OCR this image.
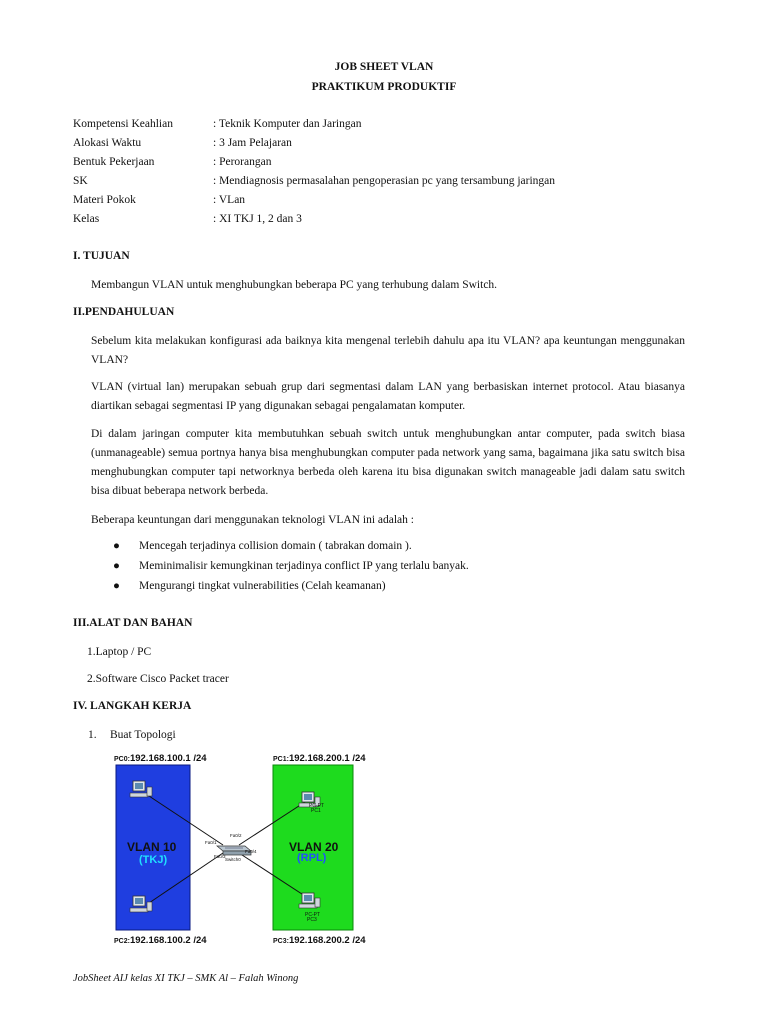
JOB SHEET VLAN
PRAKTIKUM PRODUKTIF
Kompetensi Keahlian	: Teknik Komputer dan Jaringan
Alokasi Waktu	: 3 Jam Pelajaran
Bentuk Pekerjaan	: Perorangan
SK	: Mendiagnosis permasalahan pengoperasian pc yang tersambung jaringan
Materi Pokok	: VLan
Kelas	: XI TKJ 1, 2 dan 3
I. TUJUAN

Membangun VLAN untuk menghubungkan beberapa PC yang terhubung dalam Switch.

II.PENDAHULUAN

Sebelum kita melakukan konfigurasi ada baiknya kita mengenal terlebih dahulu apa itu VLAN? apa keuntungan menggunakan VLAN?

VLAN (virtual lan) merupakan sebuah grup dari segmentasi dalam LAN yang berbasiskan internet protocol. Atau biasanya diartikan sebagai segmentasi IP yang digunakan sebagai pengalamatan komputer.

Di dalam jaringan computer kita membutuhkan sebuah switch untuk menghubungkan antar computer, pada switch biasa (unmanageable) semua portnya hanya bisa menghubungkan computer pada network yang sama, bagaimana jika satu switch bisa menghubungkan computer tapi networknya berbeda oleh karena itu bisa digunakan switch manageable jadi dalam satu switch bisa dibuat beberapa network berbeda.

Beberapa keuntungan dari menggunakan teknologi VLAN ini adalah :

● Mencegah terjadinya collision domain ( tabrakan domain ).
● Meminimalisir kemungkinan terjadinya conflict IP yang terlalu banyak.
● Mengurangi tingkat vulnerabilities (Celah keamanan)
III.ALAT DAN BAHAN
1.Laptop / PC
2.Software Cisco Packet tracer
IV. LANGKAH KERJA
1. Buat Topologi
PC0:192.168.100.1 /24	PC1:192.168.200.1 /24
PC2:192.168.100.2 /24	PC3:192.168.200.2 /24
VLAN 10
(TKJ)
VLAN 20
(RPL)
PC-PT
PC1
PC-PT
PC3
Switch0
Fa0/1
Fa0/2
Fa0/3
Fa0/4
JobSheet AIJ kelas XI TKJ – SMK Al – Falah Winong
